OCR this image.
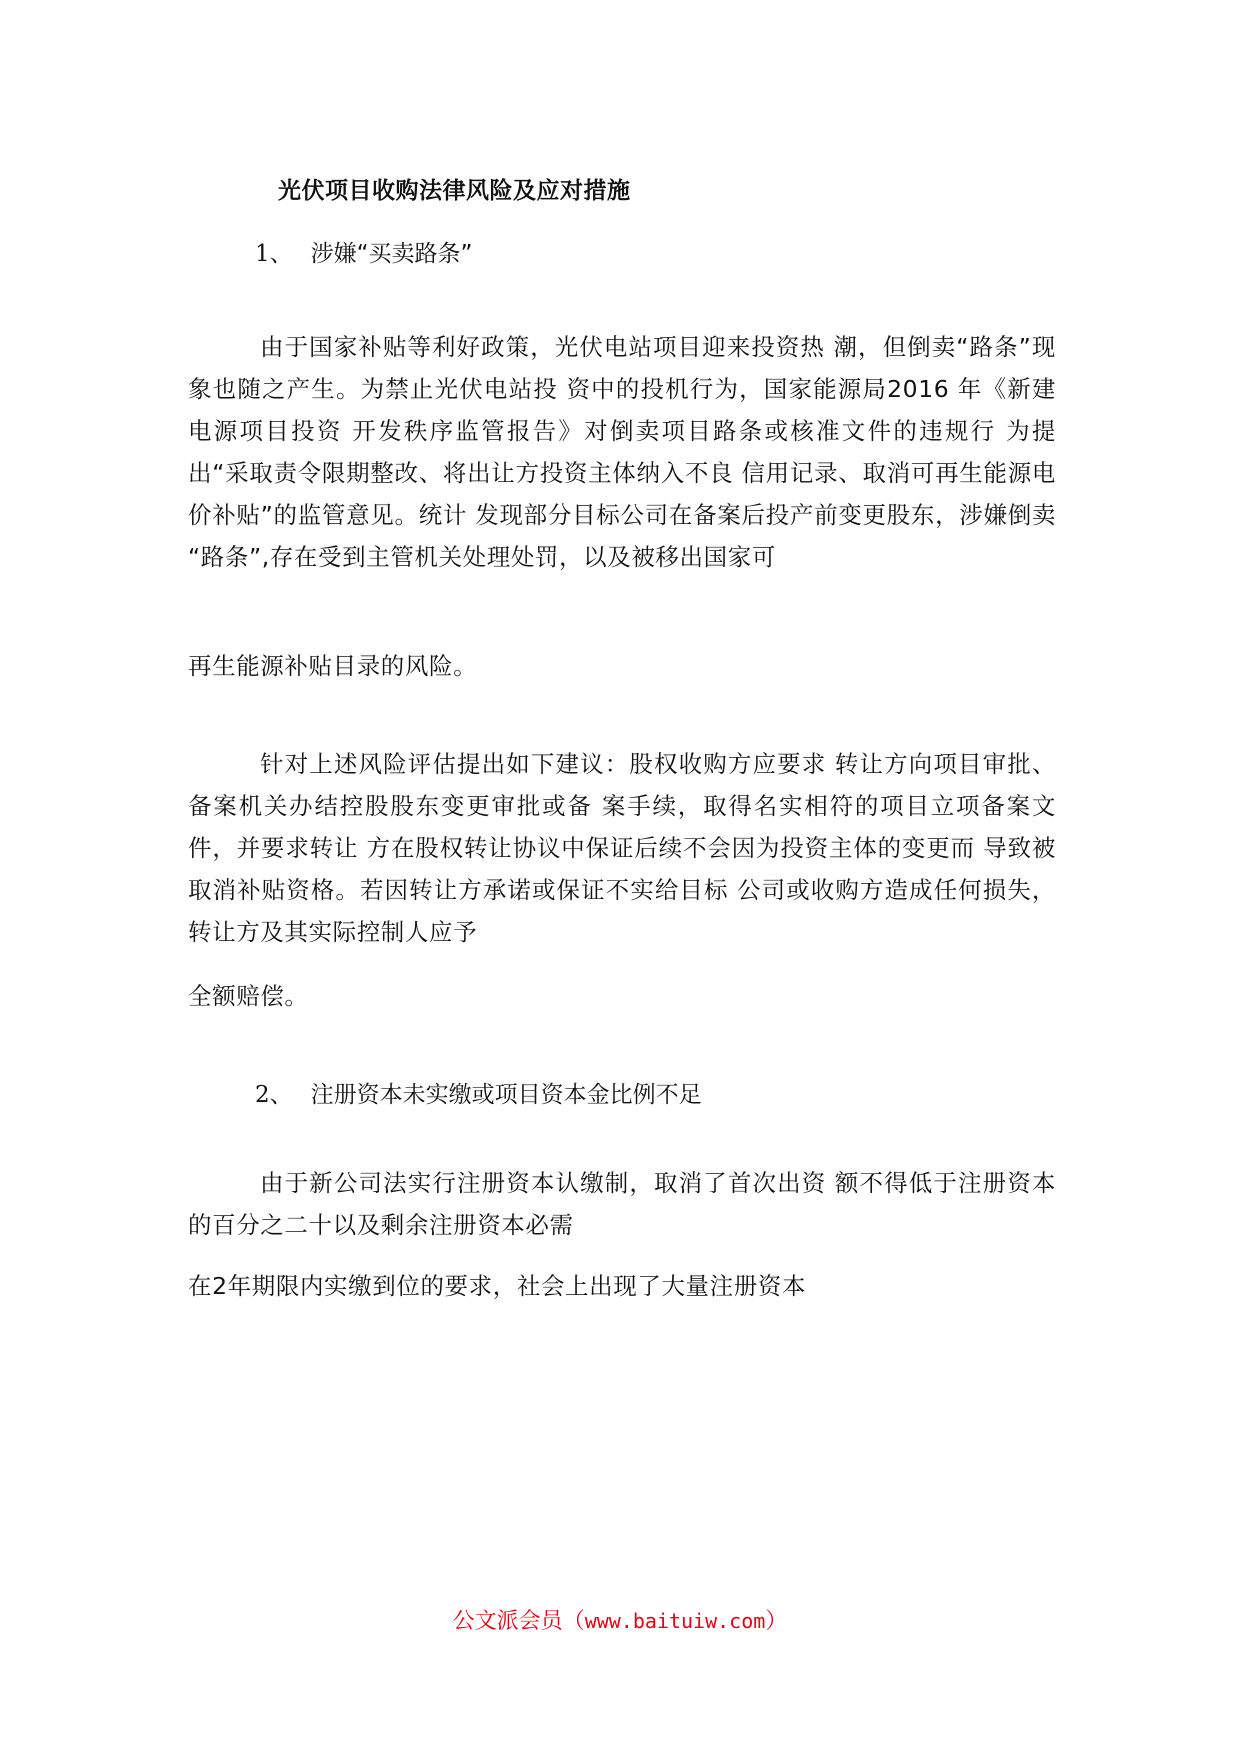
光伏项目收购法律风险及应对措施
1、 涉嫌“买卖路条”

由于国家补贴等利好政策，光伏电站项目迎来投资热 潮，但倒卖“路条”现象也随之产生。为禁止光伏电站投 资中的投机行为，国家能源局2016 年《新建电源项目投资 开发秩序监管报告》对倒卖项目路条或核准文件的违规行 为提出“采取责令限期整改、将出让方投资主体纳入不良 信用记录、取消可再生能源电价补贴”的监管意见。统计 发现部分目标公司在备案后投产前变更股东，涉嫌倒卖 “路条”,存在受到主管机关处理处罚，以及被移出国家可

再生能源补贴目录的风险。

针对上述风险评估提出如下建议：股权收购方应要求 转让方向项目审批、备案机关办结控股股东变更审批或备 案手续，取得名实相符的项目立项备案文件，并要求转让 方在股权转让协议中保证后续不会因为投资主体的变更而 导致被取消补贴资格。若因转让方承诺或保证不实给目标 公司或收购方造成任何损失，转让方及其实际控制人应予

全额赔偿。

2、 注册资本未实缴或项目资本金比例不足

由于新公司法实行注册资本认缴制，取消了首次出资 额不得低于注册资本的百分之二十以及剩余注册资本必需

在2年期限内实缴到位的要求，社会上出现了大量注册资本

公文派会员（www.baituiw.com）
